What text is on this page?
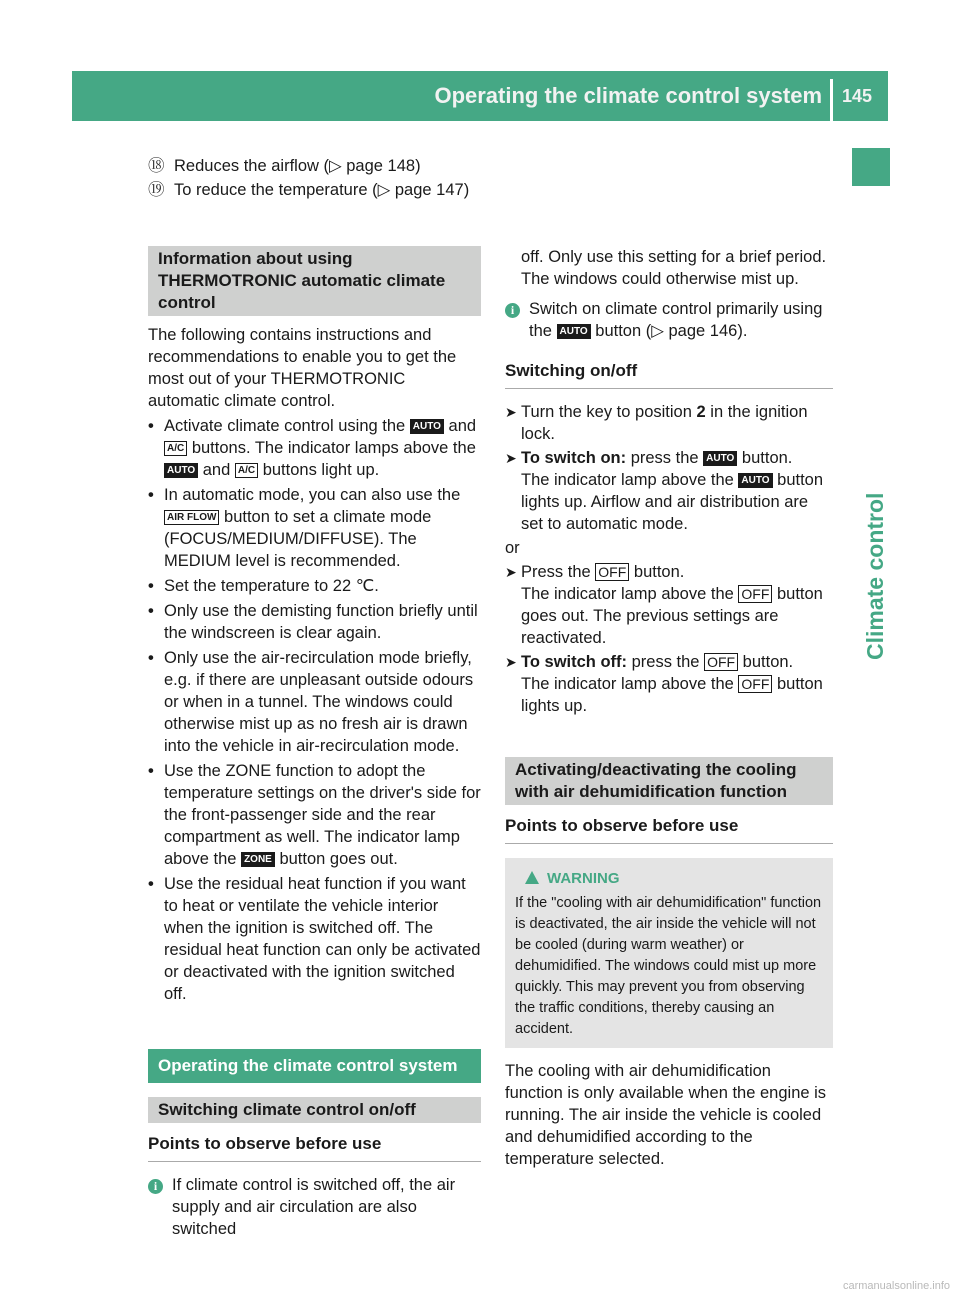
Operating the climate control system 145
Climate control
⑱ Reduces the airflow (▷ page 148)
⑲ To reduce the temperature (▷ page 147)
Information about using THERMOTRONIC automatic climate control

The following contains instructions and recommendations to enable you to get the most out of your THERMOTRONIC automatic climate control.

• Activate climate control using the AUTO and A/C buttons. The indicator lamps above the AUTO and A/C buttons light up.
• In automatic mode, you can also use the AIR FLOW button to set a climate mode (FOCUS/MEDIUM/DIFFUSE). The MEDIUM level is recommended.
• Set the temperature to 22 ℃.
• Only use the demisting function briefly until the windscreen is clear again.
• Only use the air-recirculation mode briefly, e.g. if there are unpleasant outside odours or when in a tunnel. The windows could otherwise mist up as no fresh air is drawn into the vehicle in air-recirculation mode.
• Use the ZONE function to adopt the temperature settings on the driver's side for the front-passenger side and the rear compartment as well. The indicator lamp above the ZONE button goes out.
• Use the residual heat function if you want to heat or ventilate the vehicle interior when the ignition is switched off. The residual heat function can only be activated or deactivated with the ignition switched off.
Operating the climate control system
Switching climate control on/off
Points to observe before use
i If climate control is switched off, the air supply and air circulation are also switched

off. Only use this setting for a brief period. The windows could otherwise mist up.

i Switch on climate control primarily using the AUTO button (▷ page 146).
Switching on/off
➤ Turn the key to position 2 in the ignition lock.
➤ To switch on: press the AUTO button.
The indicator lamp above the AUTO button lights up. Airflow and air distribution are set to automatic mode.

or

➤ Press the OFF button.
The indicator lamp above the OFF button goes out. The previous settings are reactivated.
➤ To switch off: press the OFF button.
The indicator lamp above the OFF button lights up.
Activating/deactivating the cooling with air dehumidification function
Points to observe before use
WARNING

If the "cooling with air dehumidification" function is deactivated, the air inside the vehicle will not be cooled (during warm weather) or dehumidified. The windows could mist up more quickly. This may prevent you from observing the traffic conditions, thereby causing an accident.

The cooling with air dehumidification function is only available when the engine is running. The air inside the vehicle is cooled and dehumidified according to the temperature selected.

carmanualsonline.info
